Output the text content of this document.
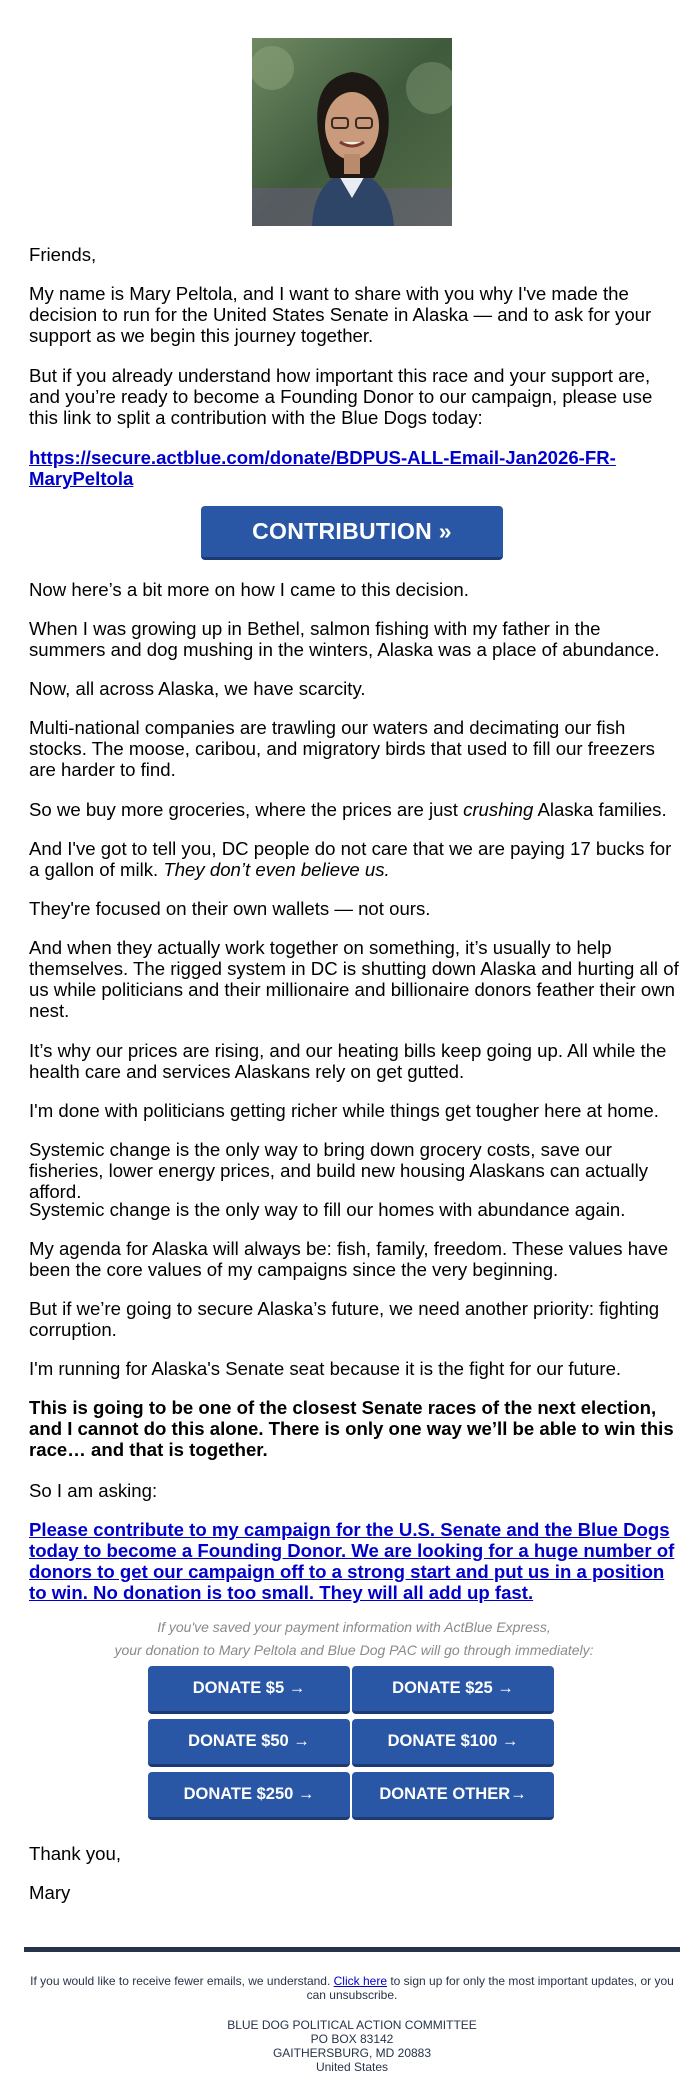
Friends,

My name is Mary Peltola, and I want to share with you why I've made the decision to run for the United States Senate in Alaska — and to ask for your support as we begin this journey together.

But if you already understand how important this race and your support are, and you’re ready to become a Founding Donor to our campaign, please use this link to split a contribution with the Blue Dogs today:

https://secure.actblue.com/donate/BDPUS-ALL-Email-Jan2026-FR-MaryPeltola

CONTRIBUTION »

Now here’s a bit more on how I came to this decision.

When I was growing up in Bethel, salmon fishing with my father in the summers and dog mushing in the winters, Alaska was a place of abundance.

Now, all across Alaska, we have scarcity.

Multi-national companies are trawling our waters and decimating our fish stocks. The moose, caribou, and migratory birds that used to fill our freezers are harder to find.

So we buy more groceries, where the prices are just crushing Alaska families.

And I've got to tell you, DC people do not care that we are paying 17 bucks for a gallon of milk. They don’t even believe us.

They're focused on their own wallets — not ours.

And when they actually work together on something, it’s usually to help themselves. The rigged system in DC is shutting down Alaska and hurting all of us while politicians and their millionaire and billionaire donors feather their own nest.

It’s why our prices are rising, and our heating bills keep going up. All while the health care and services Alaskans rely on get gutted.

I'm done with politicians getting richer while things get tougher here at home.

Systemic change is the only way to bring down grocery costs, save our fisheries, lower energy prices, and build new housing Alaskans can actually afford.

Systemic change is the only way to fill our homes with abundance again.

My agenda for Alaska will always be: fish, family, freedom. These values have been the core values of my campaigns since the very beginning.

But if we’re going to secure Alaska’s future, we need another priority: fighting corruption.

I'm running for Alaska's Senate seat because it is the fight for our future.

This is going to be one of the closest Senate races of the next election, and I cannot do this alone. There is only one way we’ll be able to win this race… and that is together.

So I am asking:

Please contribute to my campaign for the U.S. Senate and the Blue Dogs today to become a Founding Donor. We are looking for a huge number of donors to get our campaign off to a strong start and put us in a position to win. No donation is too small. They will all add up fast.

If you've saved your payment information with ActBlue Express,
your donation to Mary Peltola and Blue Dog PAC will go through immediately:
DONATE $5 →	DONATE $25 →
DONATE $50 →	DONATE $100 →
DONATE $250 →	DONATE OTHER→

Thank you,

Mary

If you would like to receive fewer emails, we understand. Click here to sign up for only the most important updates, or you can unsubscribe.
BLUE DOG POLITICAL ACTION COMMITTEE
PO BOX 83142
GAITHERSBURG, MD 20883
United States
